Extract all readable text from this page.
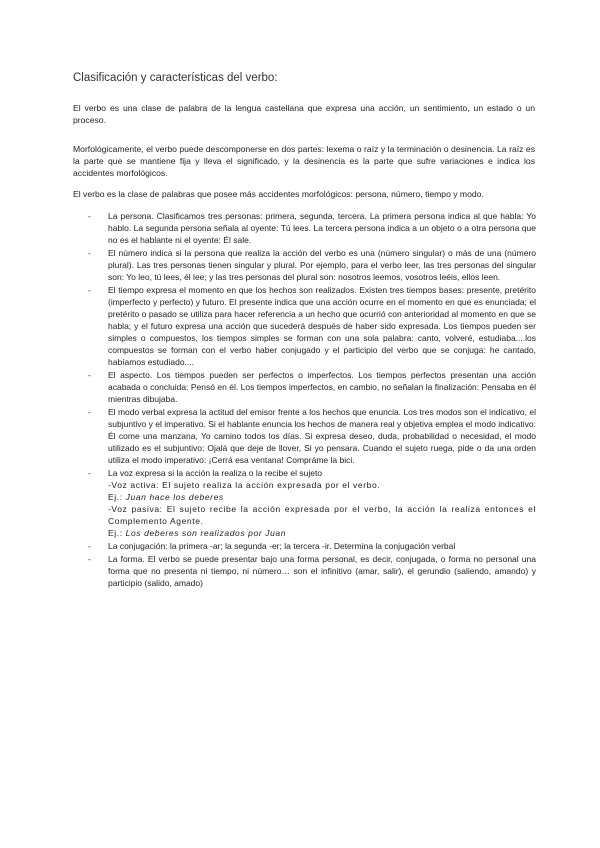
Clasificación y características del verbo:

El verbo es una clase de palabra de la lengua castellana que expresa una acción, un sentimiento, un estado o un proceso.

Morfológicamente, el verbo puede descomponerse en dos partes: lexema o raíz y la terminación o desinencia. La raíz es la parte que se mantiene fija y lleva el significado, y la desinencia es la parte que sufre variaciones e indica los accidentes morfológicos.

El verbo es la clase de palabras que posee más accidentes morfológicos: persona, número, tiempo y modo.

- La persona. Clasificamos tres personas: primera, segunda, tercera. La primera persona indica al que habla: Yo hablo. La segunda persona señala al oyente: Tú lees. La tercera persona indica a un objeto o a otra persona que no es el hablante ni el oyente: Él sale.
- El número indica si la persona que realiza la acción del verbo es una (número singular) o más de una (número plural). Las tres personas tienen singular y plural. Por ejemplo, para el verbo leer, las tres personas del singular son: Yo leo, tú lees, él lee; y las tres personas del plural son: nosotros leemos, vosotros leéis, ellos leen.
- El tiempo expresa el momento en que los hechos son realizados. Existen tres tiempos bases: presente, pretérito (imperfecto y perfecto) y futuro. El presente indica que una acción ocurre en el momento en que es enunciada; el pretérito o pasado se utiliza para hacer referencia a un hecho que ocurrió con anterioridad al momento en que se habla; y el futuro expresa una acción que sucederá después de haber sido expresada. Los tiempos pueden ser simples o compuestos, los tiempos simples se forman con una sola palabra: canto, volveré, estudiaba....los compuestos se forman con el verbo haber conjugado y el participio del verbo que se conjuga: he cantado, habíamos estudiado....
- El aspecto. Los tiempos pueden ser perfectos o imperfectos. Los tiempos perfectos presentan una acción acabada o concluida: Pensó en él. Los tiempos imperfectos, en cambio, no señalan la finalización: Pensaba en él mientras dibujaba.
- El modo verbal expresa la actitud del emisor frente a los hechos que enuncia. Los tres modos son el indicativo, el subjuntivo y el imperativo. Si el hablante enuncia los hechos de manera real y objetiva emplea el modo indicativo: Él come una manzana, Yo camino todos los días. Si expresa deseo, duda, probabilidad o necesidad, el modo utilizado es el subjuntivo: Ojalá que deje de llover, Si yo pensara. Cuando el sujeto ruega, pide o da una orden utiliza el modo imperativo: ¡Cerrá esa ventana! Compráme la bici.
- La voz expresa si la acción la realiza o la recibe el sujeto
-Voz activa: El sujeto realiza la acción expresada por el verbo.
Ej.: Juan hace los deberes
-Voz pasiva: El sujeto recibe la acción expresada por el verbo, la acción la realiza entonces el Complemento Agente.
Ej.: Los deberes son realizados por Juan
- La conjugación: la primera -ar; la segunda -er; la tercera -ir. Determina la conjugación verbal
- La forma. El verbo se puede presentar bajo una forma personal, es decir, conjugada, o forma no personal una forma que no presenta ni tiempo, ni número… son el infinitivo (amar, salir), el gerundio (saliendo, amando) y participio (salido, amado)
